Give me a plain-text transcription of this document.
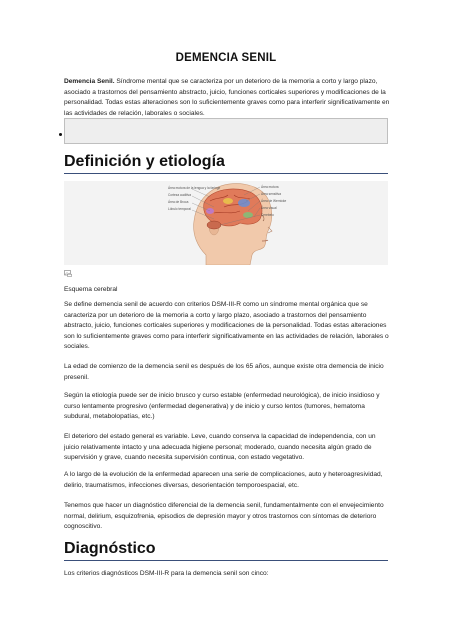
DEMENCIA SENIL

Demencia Senil. Síndrome mental que se caracteriza por un deterioro de la memoria a corto y largo plazo, asociado a trastornos del pensamiento abstracto, juicio, funciones corticales superiores y modificaciones de la personalidad. Todas estas alteraciones son lo suficientemente graves como para interferir significativamente en las actividades de relación, laborales o sociales.

Definición y etiología
Área motora de la lengua y la faringe
Corteza auditiva
Área de Broca
Lóbulo temporal
Área motora
Área sensitiva
Área de Wernicke
Área visual
Cerebelo
Esquema cerebral

Se define demencia senil de acuerdo con criterios DSM-III-R como un síndrome mental orgánica que se caracteriza por un deterioro de la memoria a corto y largo plazo, asociado a trastornos del pensamiento abstracto, juicio, funciones corticales superiores y modificaciones de la personalidad. Todas estas alteraciones son lo suficientemente graves como para interferir significativamente en las actividades de relación, laborales o sociales.

La edad de comienzo de la demencia senil es después de los 65 años, aunque existe otra demencia de inicio presenil.

Según la etiología puede ser de inicio brusco y curso estable (enfermedad neurológica), de inicio insidioso y curso lentamente progresivo (enfermedad degenerativa) y de inicio y curso lentos (tumores, hematoma subdural, metabolopatías, etc.)

El deterioro del estado general es variable. Leve, cuando conserva la capacidad de independencia, con un juicio relativamente intacto y una adecuada higiene personal; moderado, cuando necesita algún grado de supervisión y grave, cuando necesita supervisión continua, con estado vegetativo.

A lo largo de la evolución de la enfermedad aparecen una serie de complicaciones, auto y heteroagresividad, delirio, traumatismos, infecciones diversas, desorientación temporoespacial, etc.

Tenemos que hacer un diagnóstico diferencial de la demencia senil, fundamentalmente con el envejecimiento normal, delirium, esquizofrenia, episodios de depresión mayor y otros trastornos con síntomas de deterioro cognoscitivo.

Diagnóstico

Los criterios diagnósticos DSM-III-R para la demencia senil son cinco:
